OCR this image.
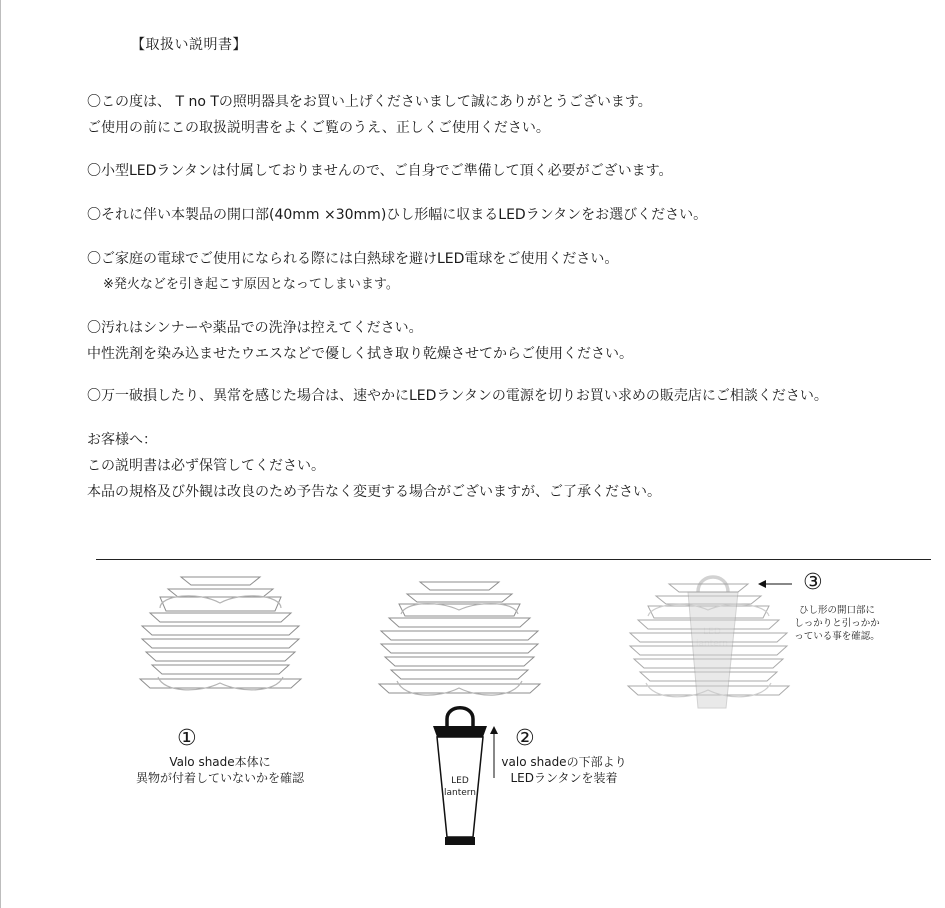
【取扱い説明書】
〇この度は、 T no Tの照明器具をお買い上げくださいまして誠にありがとうございます。
ご使用の前にこの取扱説明書をよくご覧のうえ、正しくご使用ください。
〇小型LEDランタンは付属しておりませんので、ご自身でご準備して頂く必要がございます。
〇それに伴い本製品の開口部(40mm ×30mm)ひし形幅に収まるLEDランタンをお選びください。
〇ご家庭の電球でご使用になられる際には白熱球を避けLED電球をご使用ください。
※発火などを引き起こす原因となってしまいます。
〇汚れはシンナーや薬品での洗浄は控えてください。
中性洗剤を染み込ませたウエスなどで優しく拭き取り乾燥させてからご使用ください。
〇万一破損したり、異常を感じた場合は、速やかにLEDランタンの電源を切りお買い求めの販売店にご相談ください。
お客様へ：
この説明書は必ず保管してください。
本品の規格及び外観は改良のため予告なく変更する場合がございますが、ご了承ください。
LED
lantern
①
Valo shade本体に
異物が付着していないかを確認	LED
lantern
②
valo shadeの下部より
LEDランタンを装着
③
ひし形の開口部に
しっかりと引っかか
っている事を確認。
